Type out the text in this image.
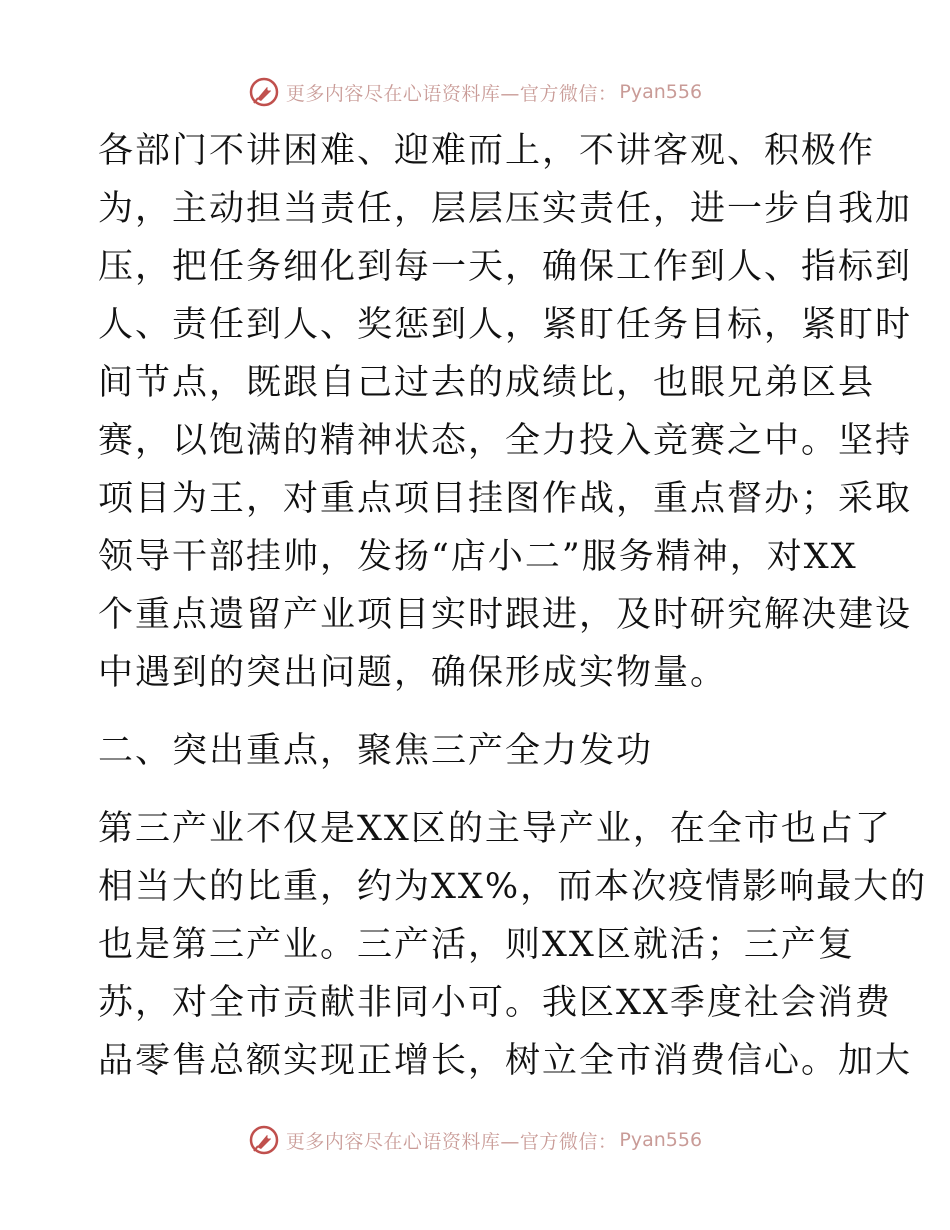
更多内容尽在心语资料库—官方微信： Pyan556
各部门不讲困难、迎难而上，不讲客观、积极作
为，主动担当责任，层层压实责任，进一步自我加
压，把任务细化到每一天，确保工作到人、指标到
人、责任到人、奖惩到人，紧盯任务目标，紧盯时
间节点，既跟自己过去的成绩比，也眼兄弟区县
赛，以饱满的精神状态，全力投入竞赛之中。坚持
项目为王，对重点项目挂图作战，重点督办；采取
领导干部挂帅，发扬“店小二”服务精神，对XX
个重点遗留产业项目实时跟进，及时研究解决建设
中遇到的突出问题，确保形成实物量。
二、突出重点，聚焦三产全力发功
第三产业不仅是XX区的主导产业，在全市也占了
相当大的比重，约为XX%，而本次疫情影响最大的
也是第三产业。三产活，则XX区就活；三产复
苏，对全市贡献非同小可。我区XX季度社会消费
品零售总额实现正增长，树立全市消费信心。加大
更多内容尽在心语资料库—官方微信： Pyan556
